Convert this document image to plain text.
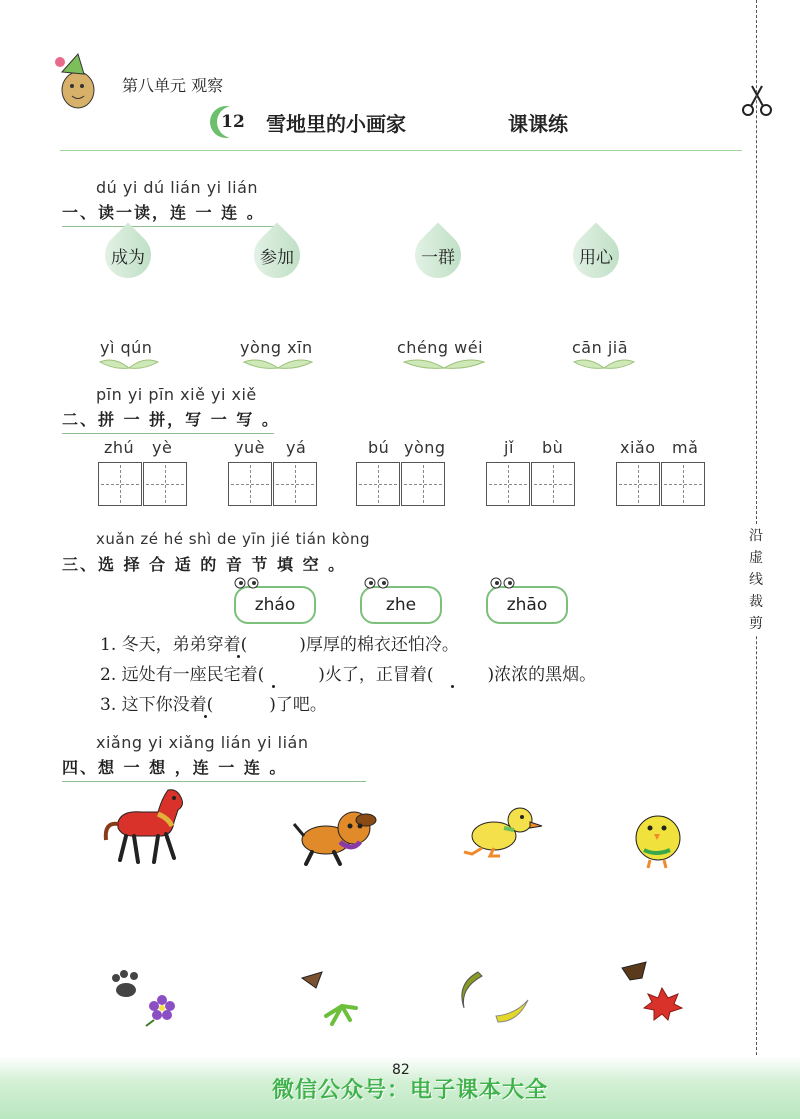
第八单元 观察
12 雪地里的小画家	课课练
沿
虚
线
裁
剪
dú yi dú lián yi lián
一、读一读，连 一 连 。
成为	参加	一群	用心
yì qún	yòng xīn	chéng wéi	cān jiā
pīn yi pīn xiě yi xiě
二、拼 一 拼，写 一 写 。
zhú yè	yuè yá	bú yòng	jǐ bù	xiǎo mǎ
xuǎn zé hé shì de yīn jié tián kòng
三、选 择 合 适 的 音 节 填 空 。
zháo	zhe	zhāo
1. 冬天，弟弟穿着(	)厚厚的棉衣还怕冷。
2. 远处有一座民宅着(	)火了，正冒着(	)浓浓的黑烟。
3. 这下你没着(	)了吧。
xiǎng yi xiǎng lián yi lián
四、想 一 想 ，连 一 连 。
82
微信公众号：电子课本大全
